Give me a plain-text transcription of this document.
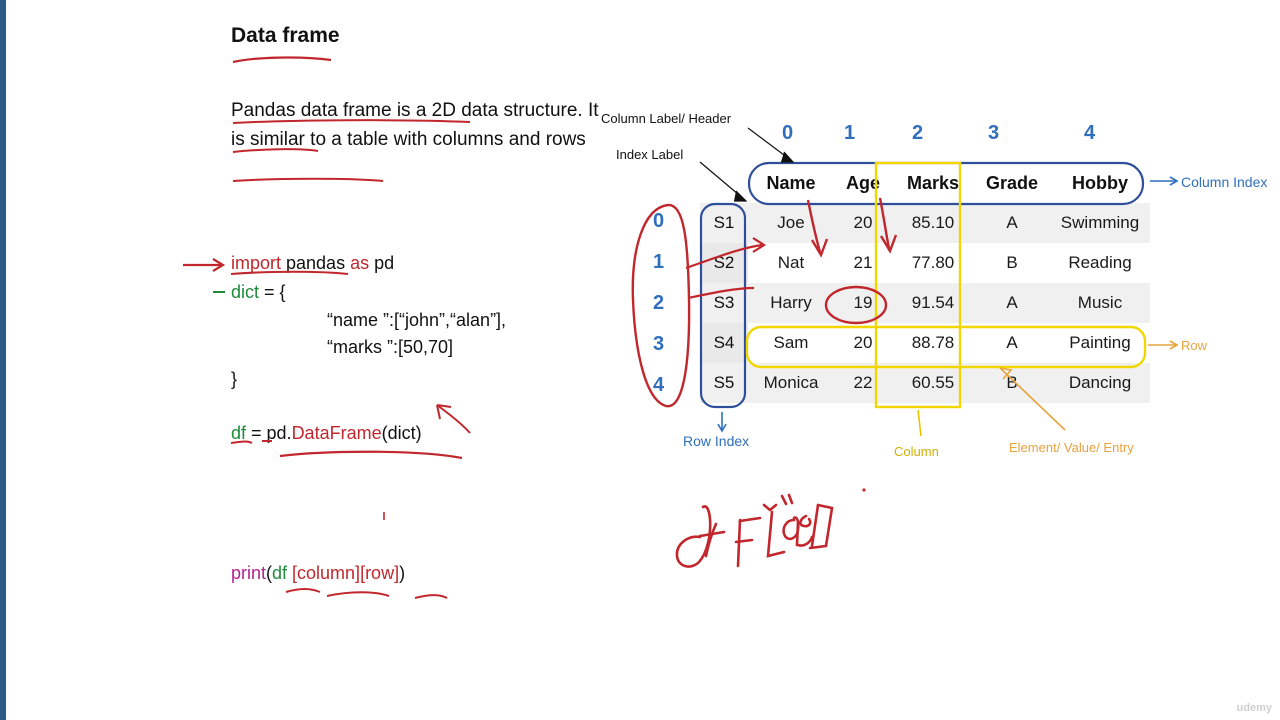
Data frame
Pandas data frame is a 2D data structure. It is similar to a table with columns and rows
import pandas as pd
dict = {
“name ”:[“john”,“alan”],
“marks ”:[50,70]
}
df = pd.DataFrame(dict)
print(df [column][row])
0	1	2	3	4
0
1
2
3
4
	Name	Age	Marks	Grade	Hobby
S1	Joe	20	85.10	A	Swimming
S2	Nat	21	77.80	B	Reading
S3	Harry	19	91.54	A	Music
S4	Sam	20	88.78	A	Painting
S5	Monica	22	60.55	B	Dancing
Column Label/ Header
Index Label
Column Index
Row Index
Column
Row
Element/ Value/ Entry
udemy
